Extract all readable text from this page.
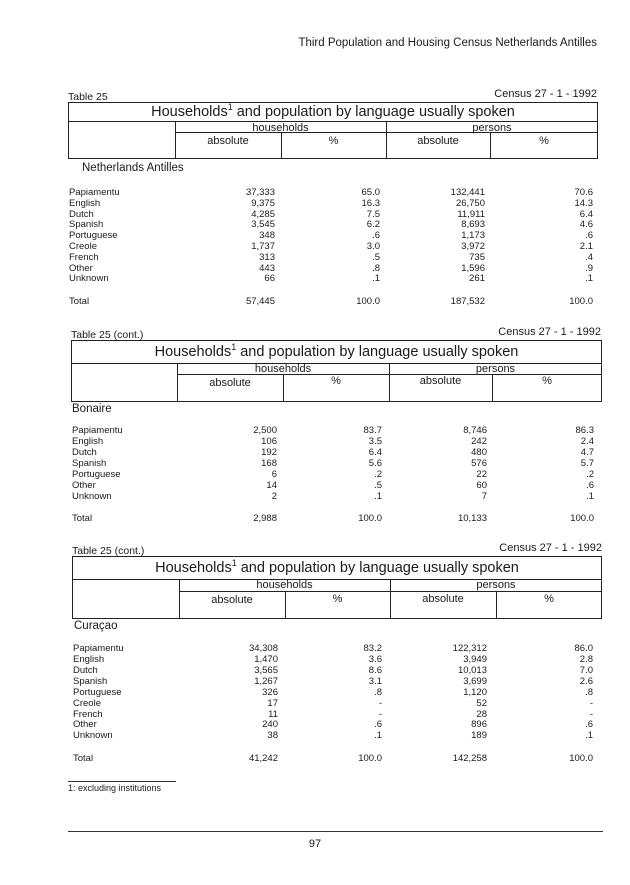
Third Population and Housing Census Netherlands Antilles
Table 25	Census 27 - 1 - 1992
Households$^1$ and population by language usually spoken
households	persons
absolute	%	absolute	%
Netherlands Antilles
Papiamentu	37,333	65.0	132,441	70.6
English	9,375	16.3	26,750	14.3
Dutch	4,285	7.5	11,911	6.4
Spanish	3,545	6.2	8,693	4.6
Portuguese	348	.6	1,173	.6
Creole	1,737	3.0	3,972	2.1
French	313	.5	735	.4
Other	443	.8	1,596	.9
Unknown	66	.1	261	.1
Total	57,445	100.0	187,532	100.0
Table 25 (cont.)	Census 27 - 1 - 1992
Households$^1$ and population by language usually spoken
households	persons
absolute	%	absolute	%
Bonaire
Papiamentu	2,500	83.7	8,746	86.3
English	106	3.5	242	2.4
Dutch	192	6.4	480	4.7
Spanish	168	5.6	576	5.7
Portuguese	6	.2	22	.2
Other	14	.5	60	.6
Unknown	2	.1	7	.1
Total	2,988	100.0	10,133	100.0
Table 25 (cont.)	Census 27 - 1 - 1992
Households$^1$ and population by language usually spoken
households	persons
absolute	%	absolute	%
Curaçao
Papiamentu	34,308	83.2	122,312	86.0
English	1,470	3.6	3,949	2.8
Dutch	3,565	8.6	10,013	7.0
Spanish	1,267	3.1	3,699	2.6
Portuguese	326	.8	1,120	.8
Creole	17	-	52	-
French	11	-	28	-
Other	240	.6	896	.6
Unknown	38	.1	189	.1
Total	41,242	100.0	142,258	100.0
1: excluding institutions
97
